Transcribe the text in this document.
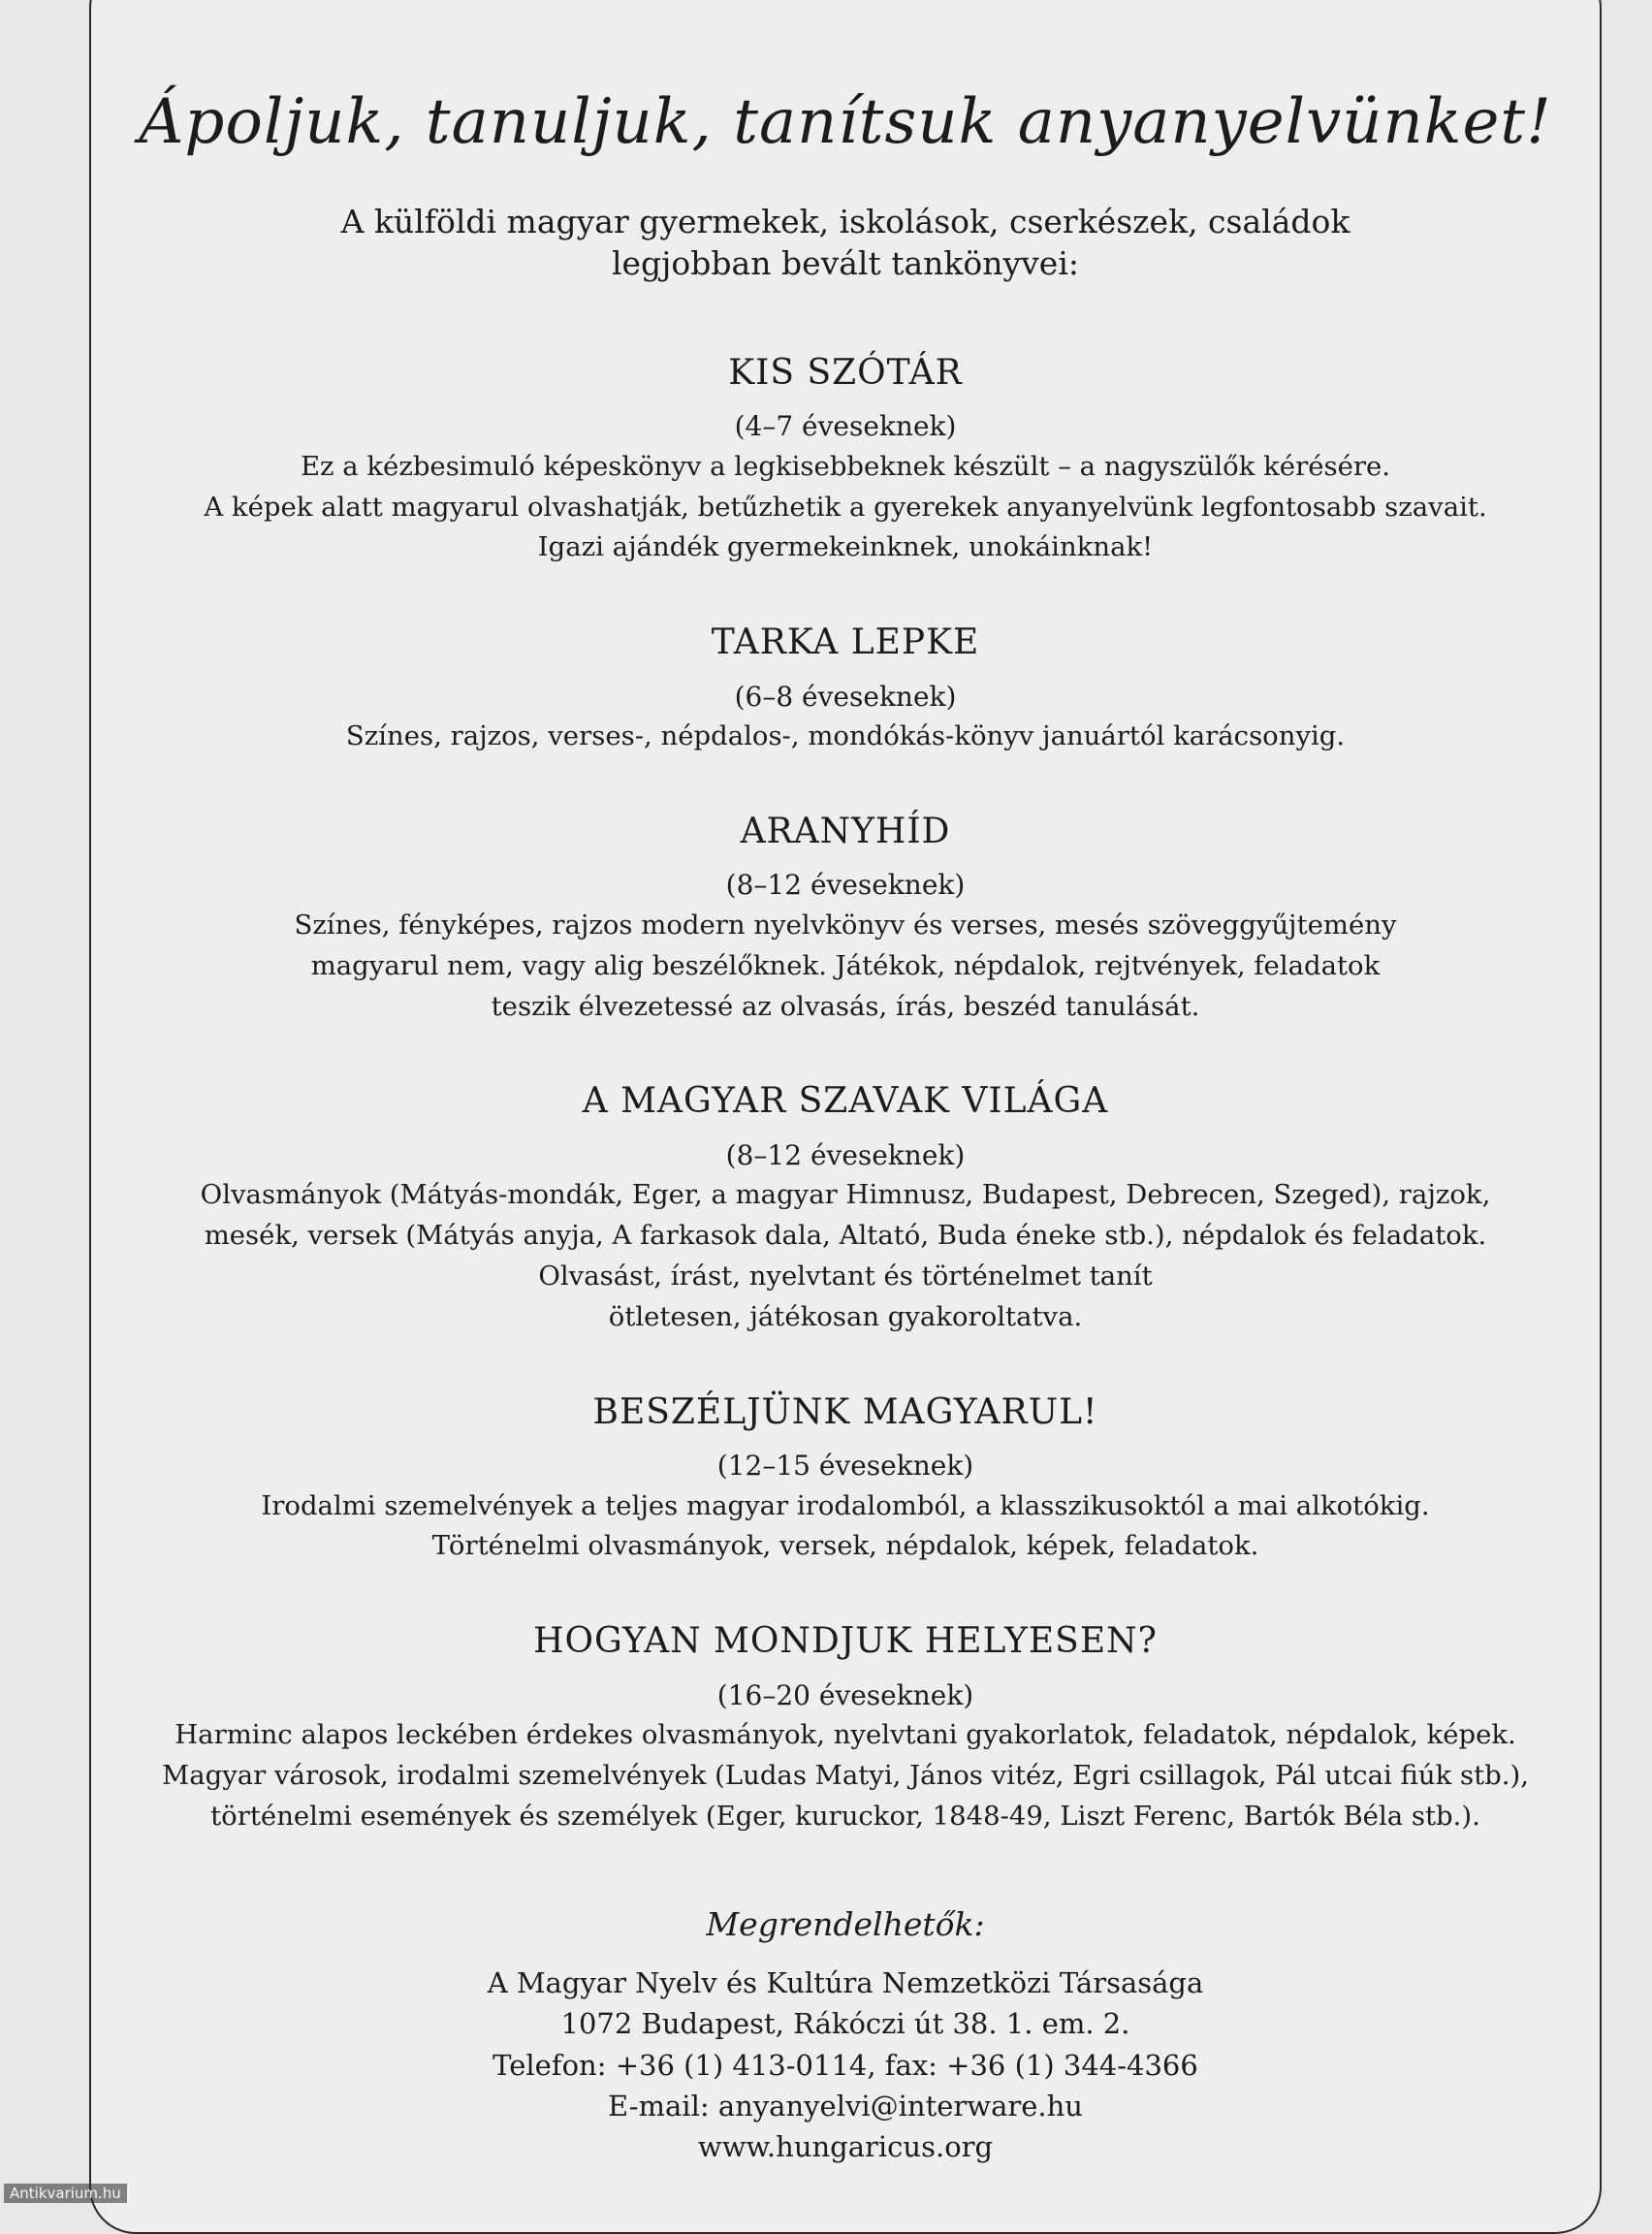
Ápoljuk, tanuljuk, tanítsuk anyanyelvünket!
A külföldi magyar gyermekek, iskolások, cserkészek, családok
legjobban bevált tankönyvei:
KIS SZÓTÁR
(4–7 éveseknek)
Ez a kézbesimuló képeskönyv a legkisebbeknek készült – a nagyszülők kérésére.
A képek alatt magyarul olvashatják, betűzhetik a gyerekek anyanyelvünk legfontosabb szavait.
Igazi ajándék gyermekeinknek, unokáinknak!
TARKA LEPKE
(6–8 éveseknek)
Színes, rajzos, verses-, népdalos-, mondókás-könyv januártól karácsonyig.
ARANYHÍD
(8–12 éveseknek)
Színes, fényképes, rajzos modern nyelvkönyv és verses, mesés szöveggyűjtemény
magyarul nem, vagy alig beszélőknek. Játékok, népdalok, rejtvények, feladatok
teszik élvezetessé az olvasás, írás, beszéd tanulását.
A MAGYAR SZAVAK VILÁGA
(8–12 éveseknek)
Olvasmányok (Mátyás-mondák, Eger, a magyar Himnusz, Budapest, Debrecen, Szeged), rajzok,
mesék, versek (Mátyás anyja, A farkasok dala, Altató, Buda éneke stb.), népdalok és feladatok.
Olvasást, írást, nyelvtant és történelmet tanít
ötletesen, játékosan gyakoroltatva.
BESZÉLJÜNK MAGYARUL!
(12–15 éveseknek)
Irodalmi szemelvények a teljes magyar irodalomból, a klasszikusoktól a mai alkotókig.
Történelmi olvasmányok, versek, népdalok, képek, feladatok.
HOGYAN MONDJUK HELYESEN?
(16–20 éveseknek)
Harminc alapos leckében érdekes olvasmányok, nyelvtani gyakorlatok, feladatok, népdalok, képek.
Magyar városok, irodalmi szemelvények (Ludas Matyi, János vitéz, Egri csillagok, Pál utcai fiúk stb.),
történelmi események és személyek (Eger, kuruckor, 1848-49, Liszt Ferenc, Bartók Béla stb.).
Megrendelhetők:
A Magyar Nyelv és Kultúra Nemzetközi Társasága
1072 Budapest, Rákóczi út 38. 1. em. 2.
Telefon: +36 (1) 413-0114, fax: +36 (1) 344-4366
E-mail: anyanyelvi@interware.hu
www.hungaricus.org
Antikvarium.hu
